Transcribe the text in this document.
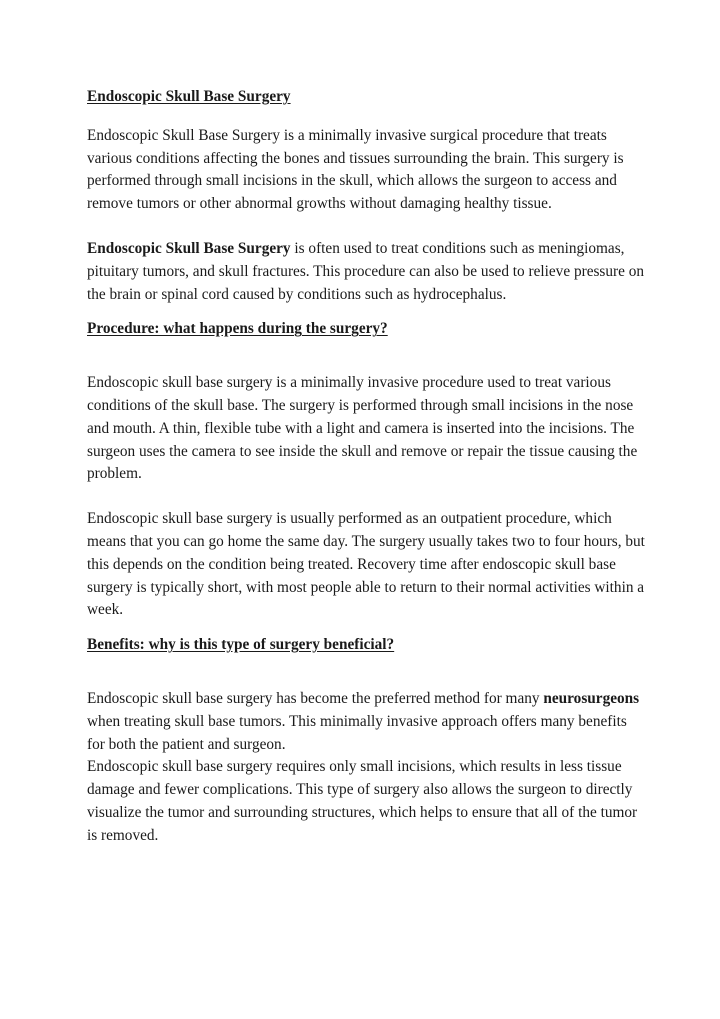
Endoscopic Skull Base Surgery

Endoscopic Skull Base Surgery is a minimally invasive surgical procedure that treats various conditions affecting the bones and tissues surrounding the brain. This surgery is performed through small incisions in the skull, which allows the surgeon to access and remove tumors or other abnormal growths without damaging healthy tissue.

Endoscopic Skull Base Surgery is often used to treat conditions such as meningiomas, pituitary tumors, and skull fractures. This procedure can also be used to relieve pressure on the brain or spinal cord caused by conditions such as hydrocephalus.

Procedure: what happens during the surgery?

Endoscopic skull base surgery is a minimally invasive procedure used to treat various conditions of the skull base. The surgery is performed through small incisions in the nose and mouth. A thin, flexible tube with a light and camera is inserted into the incisions. The surgeon uses the camera to see inside the skull and remove or repair the tissue causing the problem.

Endoscopic skull base surgery is usually performed as an outpatient procedure, which means that you can go home the same day. The surgery usually takes two to four hours, but this depends on the condition being treated. Recovery time after endoscopic skull base surgery is typically short, with most people able to return to their normal activities within a week.

Benefits: why is this type of surgery beneficial?

Endoscopic skull base surgery has become the preferred method for many neurosurgeons when treating skull base tumors. This minimally invasive approach offers many benefits for both the patient and surgeon.

Endoscopic skull base surgery requires only small incisions, which results in less tissue damage and fewer complications. This type of surgery also allows the surgeon to directly visualize the tumor and surrounding structures, which helps to ensure that all of the tumor is removed.
